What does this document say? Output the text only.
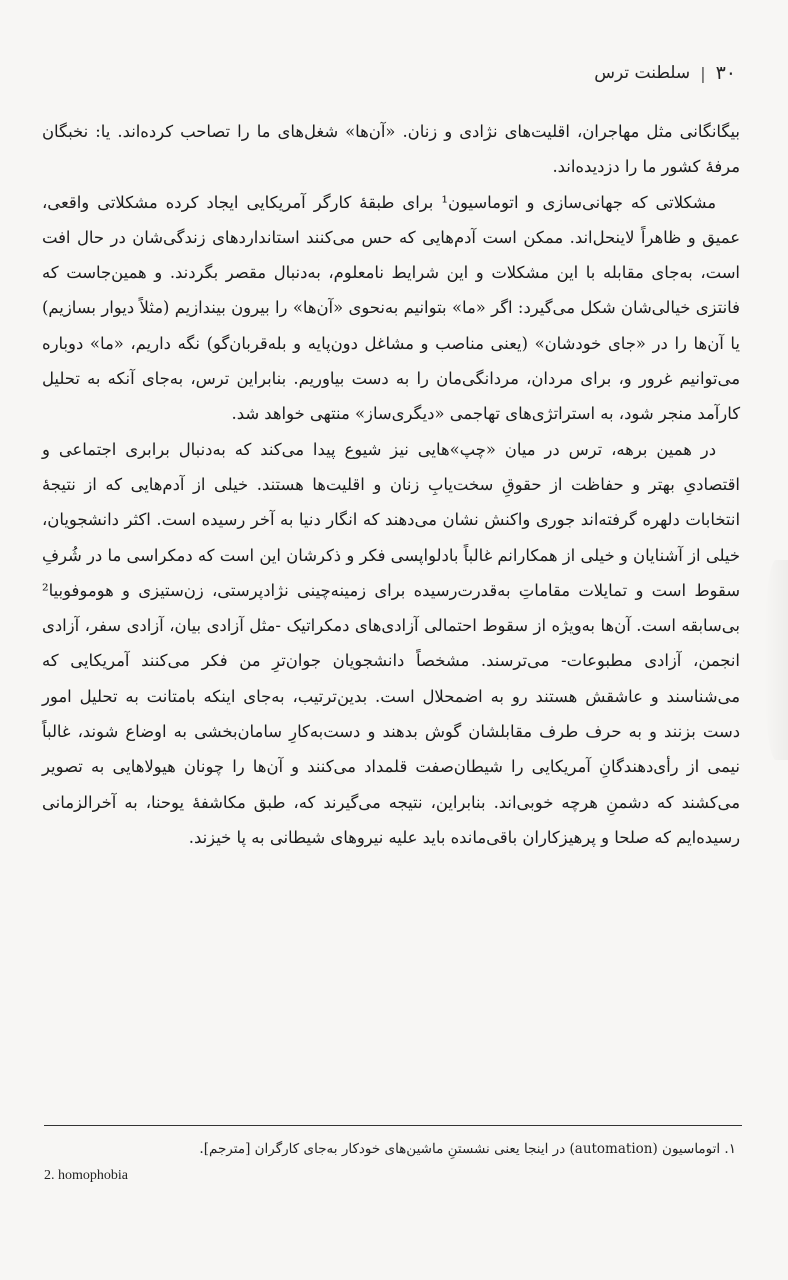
۳۰
|
سلطنت ترس

بیگانگانی مثل مهاجران، اقلیت‌های نژادی و زنان. «آن‌ها» شغل‌های ما را تصاحب کرده‌اند. یا: نخبگان مرفهٔ کشور ما را دزدیده‌اند.

مشکلاتی که جهانی‌سازی و اتوماسیون¹ برای طبقهٔ کارگر آمریکایی ایجاد کرده مشکلاتی واقعی، عمیق و ظاهراً لاینحل‌اند. ممکن است آدم‌هایی که حس می‌کنند استانداردهای زندگی‌شان در حال افت است، به‌جای مقابله با این مشکلات و این شرایط نامعلوم، به‌دنبال مقصر بگردند. و همین‌جاست که فانتزی خیالی‌شان شکل می‌گیرد: اگر «ما» بتوانیم به‌نحوی «آن‌ها» را بیرون بیندازیم (مثلاً دیوار بسازیم) یا آن‌ها را در «جای خودشان» (یعنی مناصب و مشاغل دون‌پایه و بله‌قربان‌گو) نگه داریم، «ما» دوباره می‌توانیم غرور و، برای مردان، مردانگی‌مان را به دست بیاوریم. بنابراین ترس، به‌جای آنکه به تحلیل کارآمد منجر شود، به استراتژی‌های تهاجمی «دیگری‌ساز» منتهی خواهد شد.

در همین برهه، ترس در میان «چپ»هایی نیز شیوع پیدا می‌کند که به‌دنبال برابری اجتماعی و اقتصادیِ بهتر و حفاظت از حقوقِ سخت‌یابِ زنان و اقلیت‌ها هستند. خیلی از آدم‌هایی که از نتیجهٔ انتخابات دلهره گرفته‌اند جوری واکنش نشان می‌دهند که انگار دنیا به آخر رسیده است. اکثر دانشجویان، خیلی از آشنایان و خیلی از همکارانم غالباً بادلواپسی فکر و ذکرشان این است که دمکراسی ما در شُرفِ سقوط است و تمایلات مقاماتِ به‌قدرت‌رسیده برای زمینه‌چینی نژادپرستی، زن‌ستیزی و هوموفوبیا² بی‌سابقه است. آن‌ها به‌ویژه از سقوط احتمالی آزادی‌های دمکراتیک -مثل آزادی بیان، آزادی سفر، آزادی انجمن، آزادی مطبوعات- می‌ترسند. مشخصاً دانشجویان جوان‌ترِ من فکر می‌کنند آمریکایی که می‌شناسند و عاشقش هستند رو به اضمحلال است. بدین‌ترتیب، به‌جای اینکه با‌متانت به تحلیل امور دست بزنند و به حرف طرف مقابلشان گوش بدهند و دست‌به‌کارِ سامان‌بخشی به اوضاع شوند، غالباً نیمی از رأی‌دهندگانِ آمریکایی را شیطان‌صفت قلمداد می‌کنند و آن‌ها را چونان هیولاهایی به تصویر می‌کشند که دشمنِ هرچه خوبی‌اند. بنابراین، نتیجه می‌گیرند که، طبق مکاشفهٔ یوحنا، به آخرالزمانی رسیده‌ایم که صلحا و پرهیزکاران باقی‌مانده باید علیه نیروهای شیطانی به پا خیزند.

۱. اتوماسیون (automation) در اینجا یعنی نشستنِ ماشین‌های خودکار به‌جای کارگران [مترجم].
2. homophobia
